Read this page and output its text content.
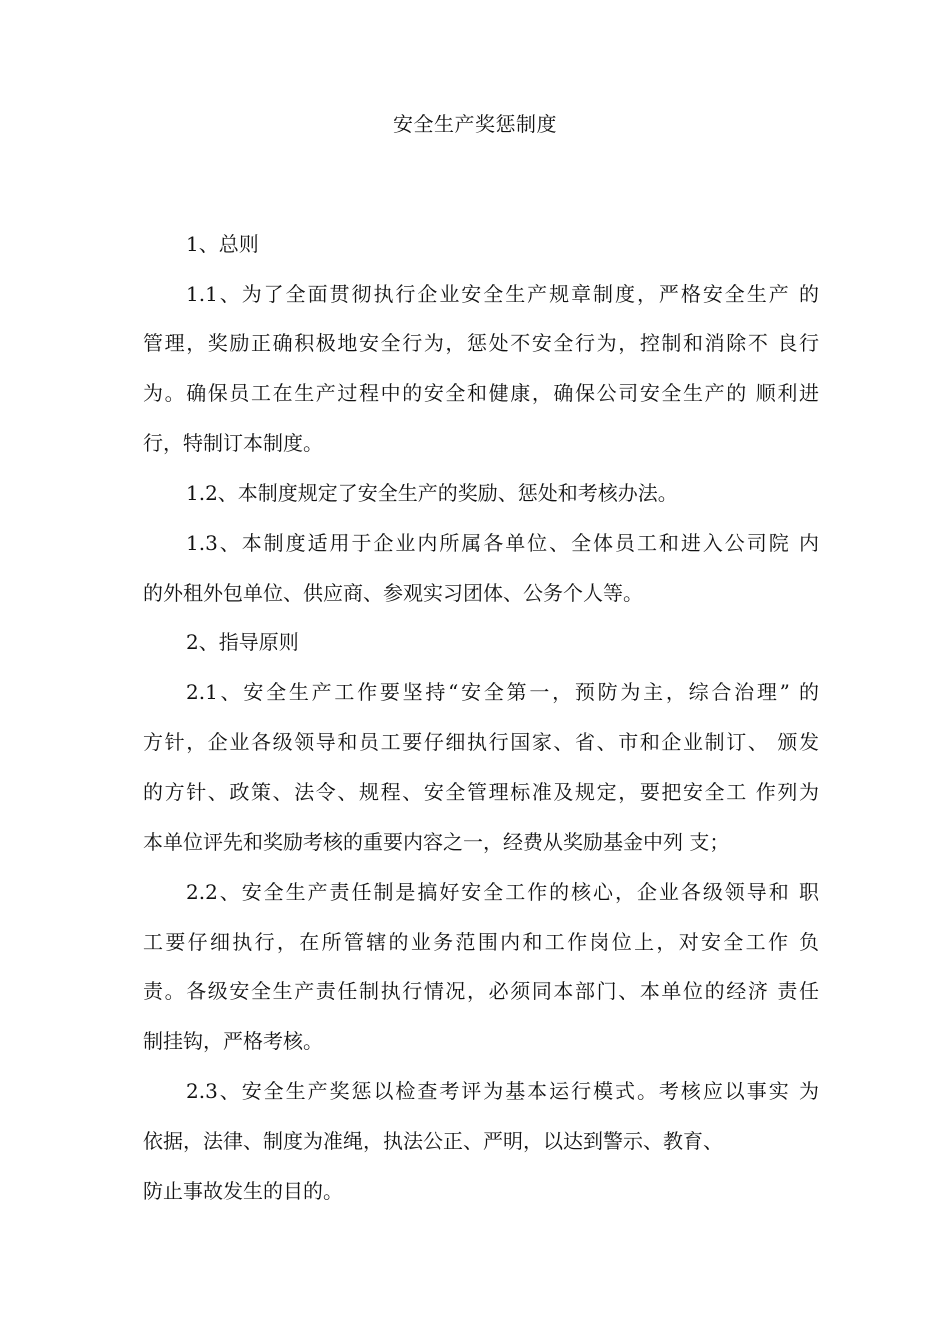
安全生产奖惩制度
1、总则
1.1、为了全面贯彻执行企业安全生产规章制度，严格安全生产 的
管理，奖励正确积极地安全行为，惩处不安全行为，控制和消除不 良行
为。确保员工在生产过程中的安全和健康，确保公司安全生产的 顺利进
行，特制订本制度。
1.2、本制度规定了安全生产的奖励、惩处和考核办法。
1.3、本制度适用于企业内所属各单位、全体员工和进入公司院 内
的外租外包单位、供应商、参观实习团体、公务个人等。
2、指导原则
2.1、安全生产工作要坚持“安全第一，预防为主，综合治理” 的
方针，企业各级领导和员工要仔细执行国家、省、市和企业制订、 颁发
的方针、政策、法令、规程、安全管理标准及规定，要把安全工 作列为
本单位评先和奖励考核的重要内容之一，经费从奖励基金中列 支；
2.2、安全生产责任制是搞好安全工作的核心，企业各级领导和 职
工要仔细执行，在所管辖的业务范围内和工作岗位上，对安全工作 负
责。各级安全生产责任制执行情况，必须同本部门、本单位的经济 责任
制挂钩，严格考核。
2.3、安全生产奖惩以检查考评为基本运行模式。考核应以事实 为
依据，法律、制度为准绳，执法公正、严明，以达到警示、教育、
防止事故发生的目的。
